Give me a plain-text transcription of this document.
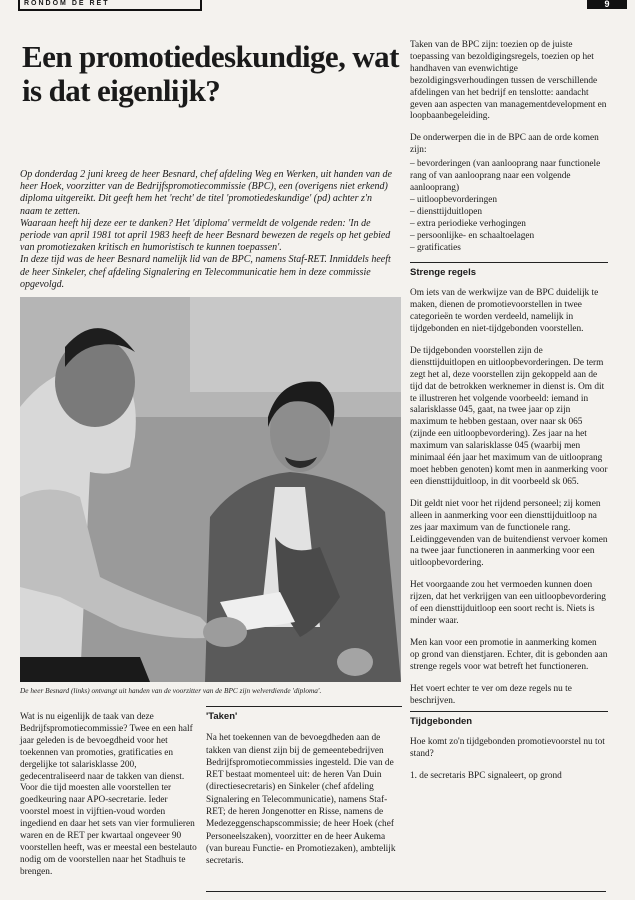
RONDOM DE RET	9
Een promotiedeskundige, wat is dat eigenlijk?

Op donderdag 2 juni kreeg de heer Besnard, chef afdeling Weg en Werken, uit handen van de heer Hoek, voorzitter van de Bedrijfspromotiecommissie (BPC), een (overigens niet erkend) diploma uitgereikt. Dit geeft hem het 'recht' de titel 'promotiedeskundige' (pd) achter z'n naam te zetten.

Waaraan heeft hij deze eer te danken? Het 'diploma' vermeldt de volgende reden: 'In de periode van april 1981 tot april 1983 heeft de heer Besnard bewezen de regels op het gebied van promotiezaken kritisch en humoristisch te kunnen toepassen'.

In deze tijd was de heer Besnard namelijk lid van de BPC, namens Staf-RET. Inmiddels heeft de heer Sinkeler, chef afdeling Signalering en Telecommunicatie hem in deze commissie opgevolgd.

De heer Besnard (links) ontvangt uit handen van de voorzitter van de BPC zijn welverdiende 'diploma'.

Wat is nu eigenlijk de taak van deze Bedrijfspromotiecommissie? Twee en een half jaar geleden is de bevoegdheid voor het toekennen van promoties, gratificaties en dergelijke tot salarisklasse 200, gedecentraliseerd naar de takken van dienst. Voor die tijd moesten alle voorstellen ter goedkeuring naar APO-secretarie. Ieder voorstel moest in vijftien-voud worden ingediend en daar het sets van vier formulieren waren en de RET per kwartaal ongeveer 90 voorstellen heeft, was er meestal een bestelauto nodig om de voorstellen naar het Stadhuis te brengen.

'Taken'

Na het toekennen van de bevoegdheden aan de takken van dienst zijn bij de gemeentebedrijven Bedrijfspromotiecommissies ingesteld. Die van de RET bestaat momenteel uit: de heren Van Duin (directiesecretaris) en Sinkeler (chef afdeling Signalering en Telecommunicatie), namens Staf-RET; de heren Jongenotter en Risse, namens de Medezeggenschapscommissie; de heer Hoek (chef Personeelszaken), voorzitter en de heer Aukema (van bureau Functie- en Promotiezaken), ambtelijk secretaris.

Taken van de BPC zijn: toezien op de juiste toepassing van bezoldigingsregels, toezien op het handhaven van evenwichtige bezoldigingsverhoudingen tussen de verschillende afdelingen van het bedrijf en tenslotte: aandacht geven aan aspecten van managementdevelopment en loopbaanbegeleiding.

De onderwerpen die in de BPC aan de orde komen zijn:

– bevorderingen (van aanlooprang naar functionele rang of van aanlooprang naar een volgende aanlooprang)
– uitloopbevorderingen
– diensttijduitlopen
– extra periodieke verhogingen
– persoonlijke- en schaaltoelagen
– gratificaties
Strenge regels

Om iets van de werkwijze van de BPC duidelijk te maken, dienen de promotievoorstellen in twee categorieën te worden verdeeld, namelijk in tijdgebonden en niet-tijdgebonden voorstellen.

De tijdgebonden voorstellen zijn de diensttijduitlopen en uitloopbevorderingen. De term zegt het al, deze voorstellen zijn gekoppeld aan de tijd dat de betrokken werknemer in dienst is. Om dit te illustreren het volgende voorbeeld: iemand in salarisklasse 045, gaat, na twee jaar op zijn maximum te hebben gestaan, over naar sk 065 (zijnde een uitloopbevordering). Zes jaar na het maximum van salarisklasse 045 (waarbij men minimaal één jaar het maximum van de uitlooprang moet hebben genoten) komt men in aanmerking voor een diensttijduitloop, in dit voorbeeld sk 065.

Dit geldt niet voor het rijdend personeel; zij komen alleen in aanmerking voor een diensttijduitloop na zes jaar maximum van de functionele rang. Leidinggevenden van de buitendienst vervoer komen na twee jaar functioneren in aanmerking voor een uitloopbevordering.

Het voorgaande zou het vermoeden kunnen doen rijzen, dat het verkrijgen van een uitloopbevordering of een diensttijduitloop een soort recht is. Niets is minder waar.

Men kan voor een promotie in aanmerking komen op grond van dienstjaren. Echter, dit is gebonden aan strenge regels voor wat betreft het functioneren.

Het voert echter te ver om deze regels nu te beschrijven.

Tijdgebonden

Hoe komt zo'n tijdgebonden promotievoorstel nu tot stand?

1. de secretaris BPC signaleert, op grond
